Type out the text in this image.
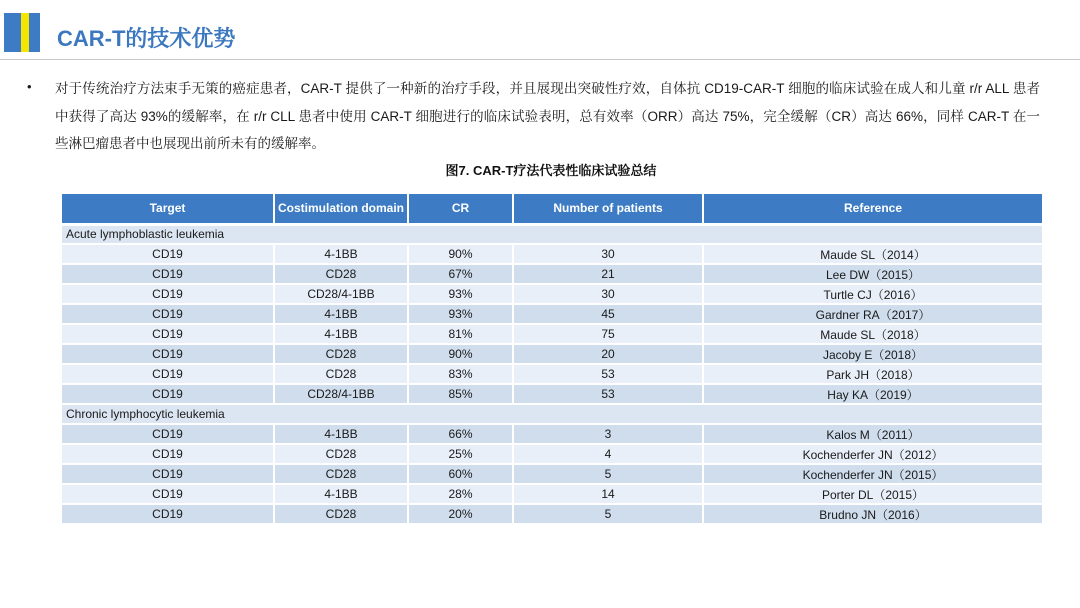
CAR-T的技术优势
• 对于传统治疗方法束手无策的癌症患者，CAR-T 提供了一种新的治疗手段，并且展现出突破性疗效，自体抗 CD19-CAR-T 细胞的临床试验在成人和儿童 r/r ALL 患者中获得了高达 93%的缓解率，在 r/r CLL 患者中使用 CAR-T 细胞进行的临床试验表明，总有效率（ORR）高达 75%，完全缓解（CR）高达 66%，同样 CAR-T 在一些淋巴瘤患者中也展现出前所未有的缓解率。
图7. CAR-T疗法代表性临床试验总结
Target	Costimulation domain	CR	Number of patients	Reference
Acute lymphoblastic leukemia				
CD19	4-1BB	90%	30	Maude SL（2014）
CD19	CD28	67%	21	Lee DW（2015）
CD19	CD28/4-1BB	93%	30	Turtle CJ（2016）
CD19	4-1BB	93%	45	Gardner RA（2017）
CD19	4-1BB	81%	75	Maude SL（2018）
CD19	CD28	90%	20	Jacoby E（2018）
CD19	CD28	83%	53	Park JH（2018）
CD19	CD28/4-1BB	85%	53	Hay KA（2019）
Chronic lymphocytic leukemia				
CD19	4-1BB	66%	3	Kalos M（2011）
CD19	CD28	25%	4	Kochenderfer JN（2012）
CD19	CD28	60%	5	Kochenderfer JN（2015）
CD19	4-1BB	28%	14	Porter DL（2015）
CD19	CD28	20%	5	Brudno JN（2016）
